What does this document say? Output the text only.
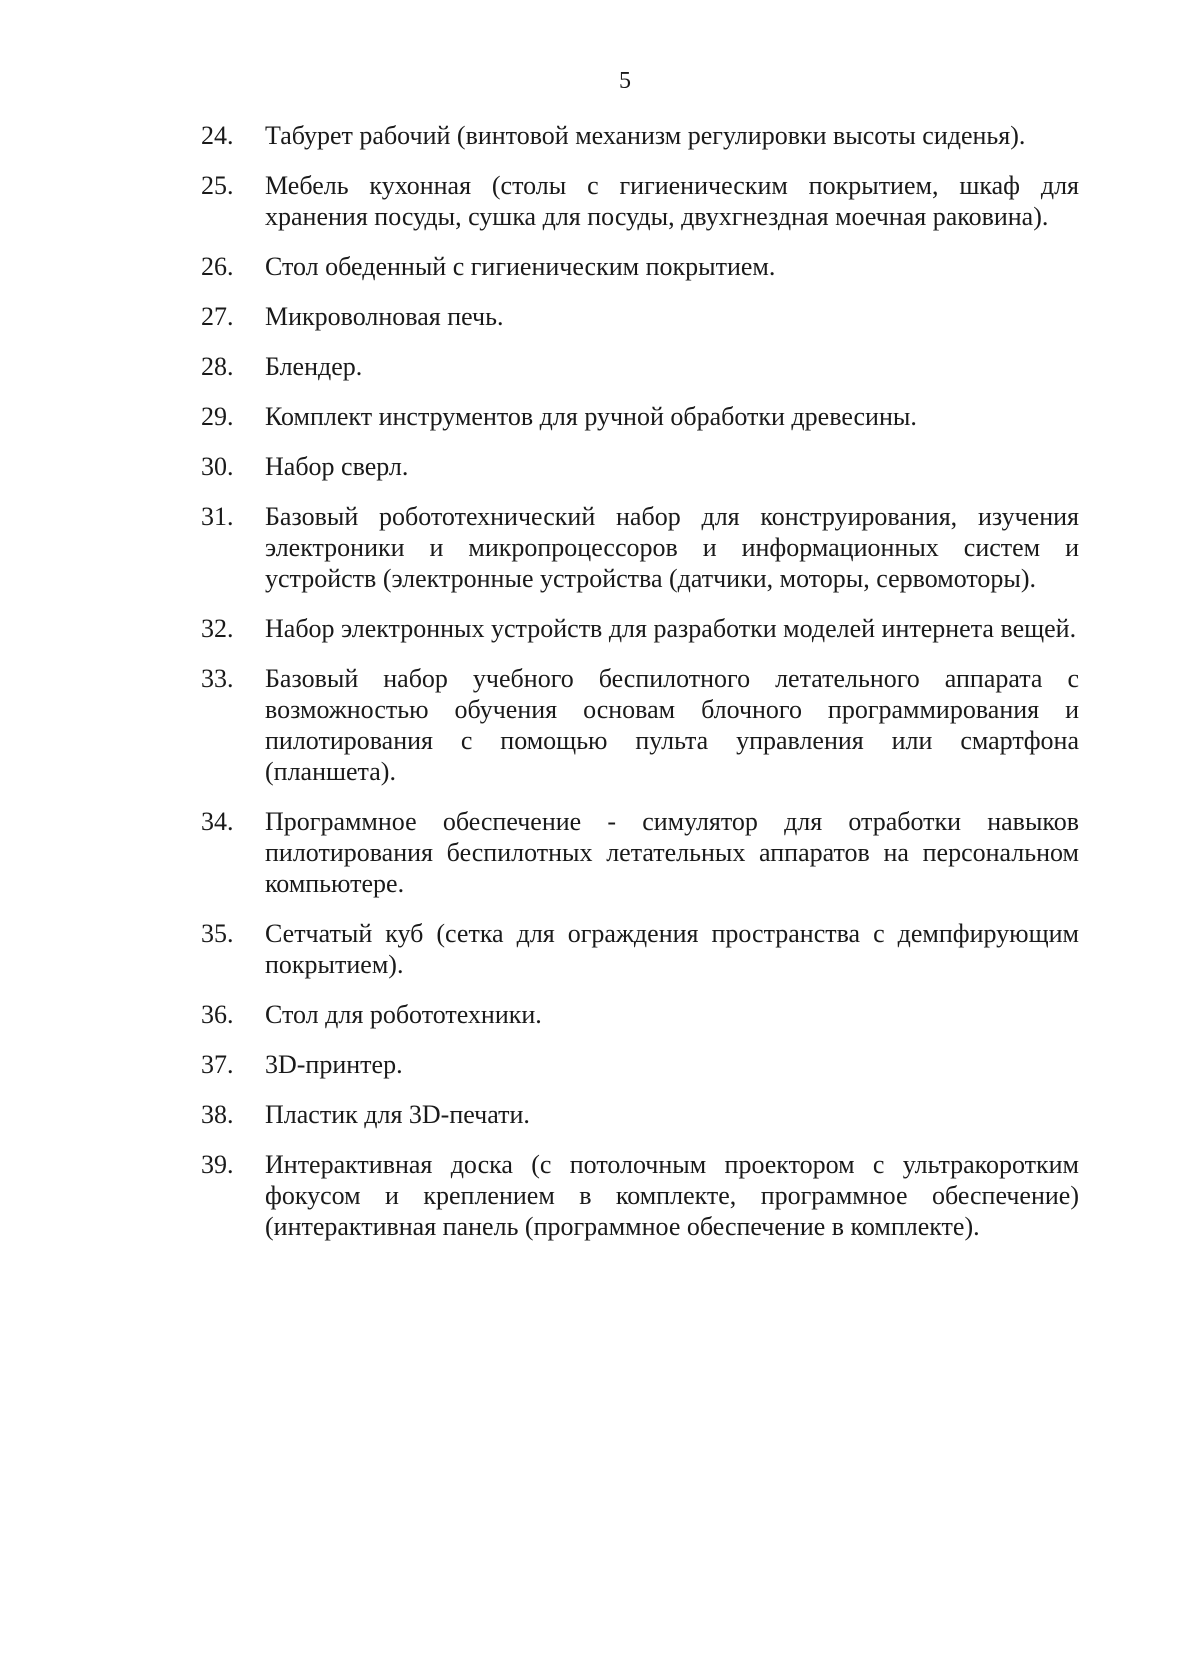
5
24.	Табурет рабочий (винтовой механизм регулировки высоты сиденья).
25.	Мебель кухонная (столы с гигиеническим покрытием, шкаф для хранения посуды, сушка для посуды, двухгнездная моечная раковина).
26.	Стол обеденный с гигиеническим покрытием.
27.	Микроволновая печь.
28.	Блендер.
29.	Комплект инструментов для ручной обработки древесины.
30.	Набор сверл.
31.	Базовый робототехнический набор для конструирования, изучения электроники и микропроцессоров и информационных систем и устройств (электронные устройства (датчики, моторы, сервомоторы).
32.	Набор электронных устройств для разработки моделей интернета вещей.
33.	Базовый набор учебного беспилотного летательного аппарата с возможностью обучения основам блочного программирования и пилотирования с помощью пульта управления или смартфона (планшета).
34.	Программное обеспечение - симулятор для отработки навыков пилотирования беспилотных летательных аппаратов на персональном компьютере.
35.	Сетчатый куб (сетка для ограждения пространства с демпфирующим покрытием).
36.	Стол для робототехники.
37.	3D-принтер.
38.	Пластик для 3D-печати.
39.	Интерактивная доска (с потолочным проектором с ультракоротким фокусом и креплением в комплекте, программное обеспечение) (интерактивная панель (программное обеспечение в комплекте).
